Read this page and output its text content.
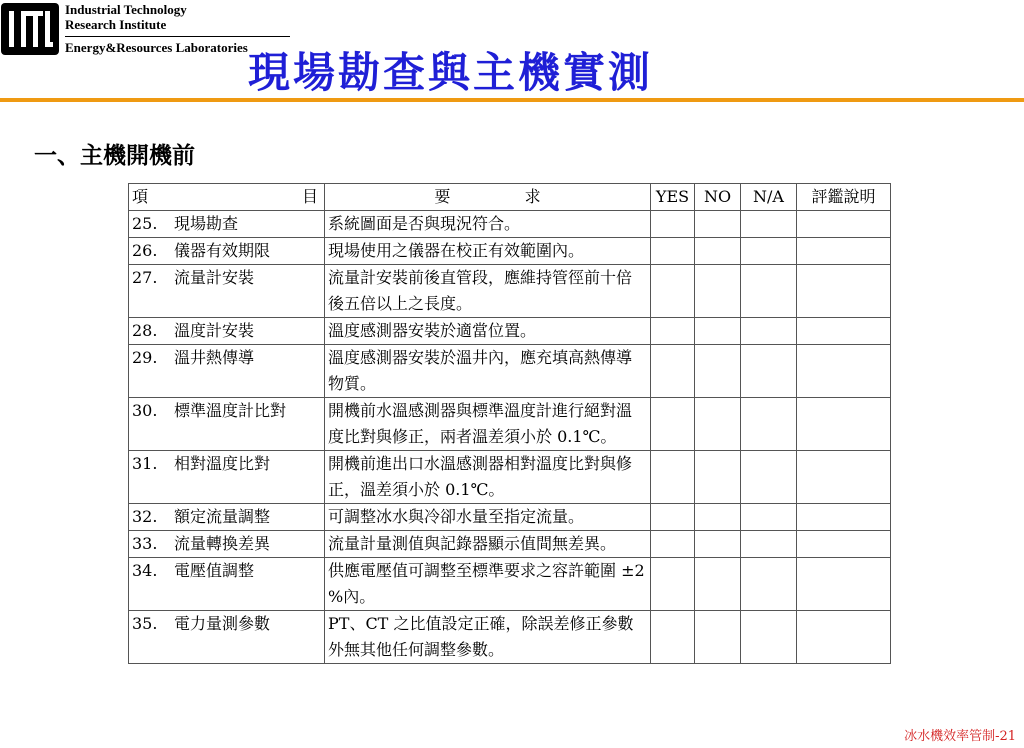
Industrial Technology
Research Institute
Energy&Resources Laboratories
現場勘查與主機實測
一、主機開機前
項 目	要 求	YES	NO	N/A	評鑑說明
25. 現場勘查	系統圖面是否與現況符合。				
26. 儀器有效期限	現場使用之儀器在校正有效範圍內。				
27. 流量計安裝	流量計安裝前後直管段，應維持管徑前十倍後五倍以上之長度。				
28. 溫度計安裝	溫度感測器安裝於適當位置。				
29. 溫井熱傳導	溫度感測器安裝於溫井內，應充填高熱傳導物質。				
30. 標準溫度計比對	開機前水溫感測器與標準溫度計進行絕對溫度比對與修正，兩者溫差須小於 0.1℃。				
31. 相對溫度比對	開機前進出口水溫感測器相對溫度比對與修正，溫差須小於 0.1℃。				
32. 額定流量調整	可調整冰水與冷卻水量至指定流量。				
33. 流量轉換差異	流量計量測值與記錄器顯示值間無差異。				
34. 電壓值調整	供應電壓值可調整至標準要求之容許範圍 ±2 %內。				
35. 電力量測參數	PT、CT 之比值設定正確，除誤差修正參數外無其他任何調整參數。				
冰水機效率管制-21
